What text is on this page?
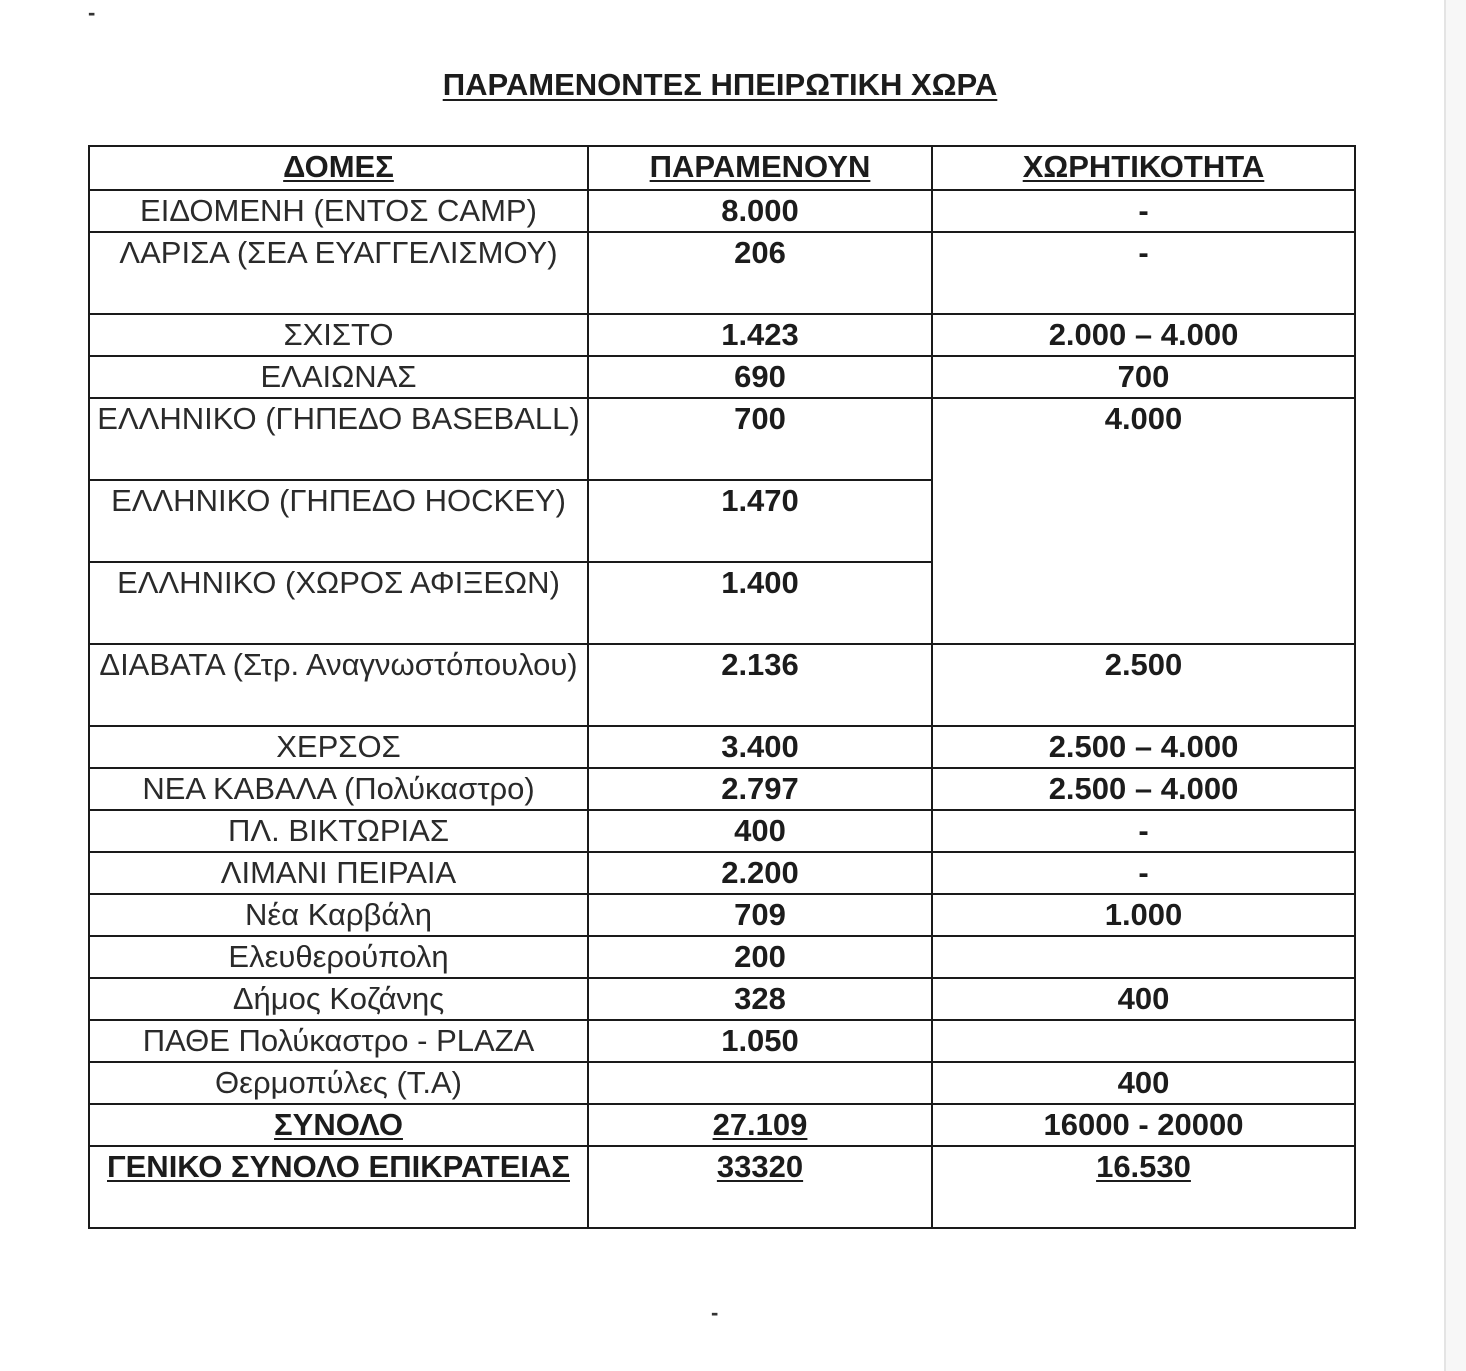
-
ΠΑΡΑΜΕΝΟΝΤΕΣ ΗΠΕΙΡΩΤΙΚΗ ΧΩΡΑ
ΔΟΜΕΣ	ΠΑΡΑΜΕΝΟΥΝ	ΧΩΡΗΤΙΚΟΤΗΤΑ
ΕΙΔΟΜΕΝΗ (ΕΝΤΟΣ CAMP)	8.000	-
ΛΑΡΙΣΑ (ΣΕΑ ΕΥΑΓΓΕΛΙΣΜΟΥ)	206	-
ΣΧΙΣΤΟ	1.423	2.000 – 4.000
ΕΛΑΙΩΝΑΣ	690	700
ΕΛΛΗΝΙΚΟ (ΓΗΠΕΔΟ BASEBALL)	700	4.000
ΕΛΛΗΝΙΚΟ (ΓΗΠΕΔΟ HOCKEY)	1.470	
ΕΛΛΗΝΙΚΟ (ΧΩΡΟΣ ΑΦΙΞΕΩΝ)	1.400	
ΔΙΑΒΑΤΑ (Στρ. Αναγνωστόπουλου)	2.136	2.500
ΧΕΡΣΟΣ	3.400	2.500 – 4.000
ΝΕΑ ΚΑΒΑΛΑ (Πολύκαστρο)	2.797	2.500 – 4.000
ΠΛ. ΒΙΚΤΩΡΙΑΣ	400	-
ΛΙΜΑΝΙ ΠΕΙΡΑΙΑ	2.200	-
Νέα Καρβάλη	709	1.000
Ελευθερούπολη	200	
Δήμος Κοζάνης	328	400
ΠΑΘΕ Πολύκαστρο - PLAZA	1.050	
Θερμοπύλες (Τ.Α)		400
ΣΥΝΟΛΟ	27.109	16000 - 20000
ΓΕΝΙΚΟ ΣΥΝΟΛΟ ΕΠΙΚΡΑΤΕΙΑΣ	33320	16.530
-
